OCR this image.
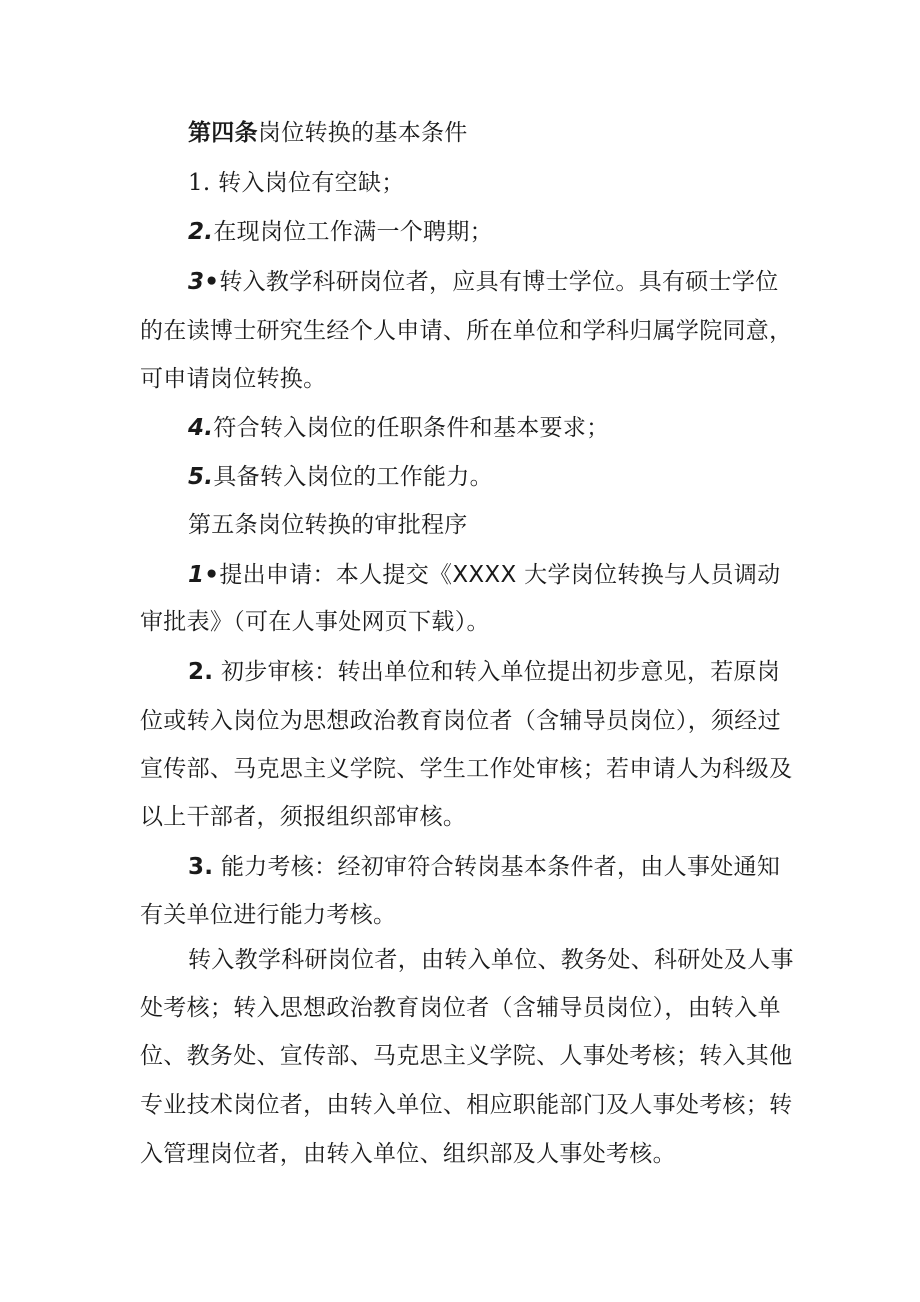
第四条岗位转换的基本条件
1. 转入岗位有空缺；
2.在现岗位工作满一个聘期；
3•转入教学科研岗位者，应具有博士学位。具有硕士学位
的在读博士研究生经个人申请、所在单位和学科归属学院同意，
可申请岗位转换。
4.符合转入岗位的任职条件和基本要求；
5.具备转入岗位的工作能力。
第五条岗位转换的审批程序
1•提出申请：本人提交《XXXX 大学岗位转换与人员调动
审批表》（可在人事处网页下载）。
2. 初步审核：转出单位和转入单位提出初步意见，若原岗
位或转入岗位为思想政治教育岗位者（含辅导员岗位），须经过
宣传部、马克思主义学院、学生工作处审核；若申请人为科级及
以上干部者，须报组织部审核。
3. 能力考核：经初审符合转岗基本条件者，由人事处通知
有关单位进行能力考核。
转入教学科研岗位者，由转入单位、教务处、科研处及人事
处考核；转入思想政治教育岗位者（含辅导员岗位），由转入单
位、教务处、宣传部、马克思主义学院、人事处考核；转入其他
专业技术岗位者，由转入单位、相应职能部门及人事处考核；转
入管理岗位者，由转入单位、组织部及人事处考核。
